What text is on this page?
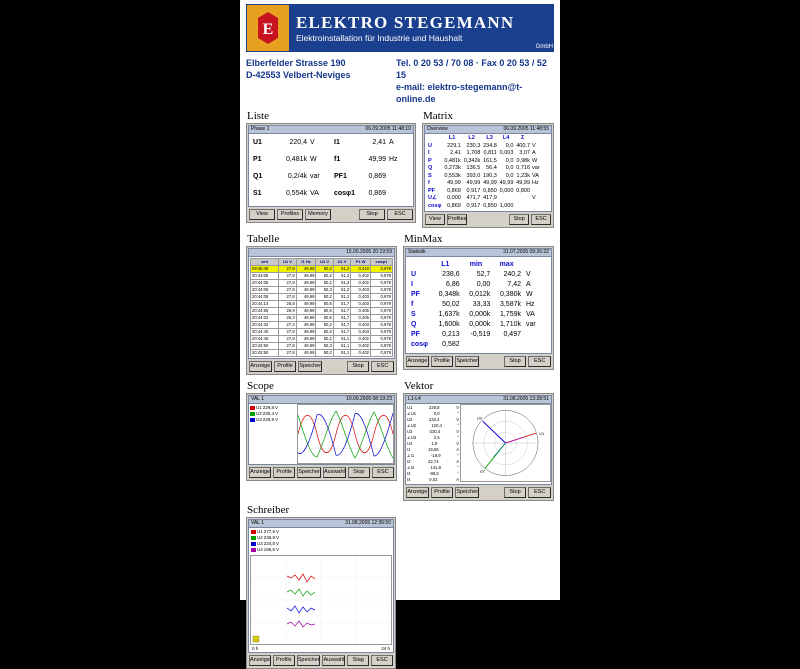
E ELEKTRO STEGEMANN
Elektroinstallation für Industrie und Haushalt
GmbH
Elberfelder Strasse 190
D-42553 Velbert-Neviges
Tel. 0 20 53 / 70 08 · Fax 0 20 53 / 52 15
e-mail: elektro-stegemann@t-online.de
Liste
Phase 1	06.09.2005 11:48:10
U1	220,4 V	I1	2,41 A
P1	0,481k W	f1	49,99 Hz
Q1	0,2/4k var	PF1	0,869
S1	0,554k VA	cosφ1	0,869
View	Profiles	Memory	Stop	ESC
Matrix
Overview	06.09.2005 11:48:55
	L1	L2	L3	L4	Σ	
U	229,1	230,3	234,8	0,0	400,7	V
I	2,41	1,708	0,811	0,003	3,07	A
P	0,481k	0,342k	161,5	0,0	0,98k	W
Q	0,273k	136,5	56,4	0,0	0,716	var
S	0,553k	393,0	190,3	0,0	1,23k	VA
f	49,99	49,99	49,99	49,99	49,99	Hz
PF	0,869	0,917	0,850	0,000	0,800	
U∠	0,000	471,7	417,9			V
cosφ	0,869	0,917	0,850	1,000		
View	Profiles	Stop	ESC
Tabelle
15.09.2005 20:19:59
zeit	U1 V	I1 Hz	U1 V	U1 V	P1 W	cosφ1
09:45:49	27,8	49,99	50,2	51,2	0,410	0,979
20:43:09	27,8	49,99	50,2	51,3	0,402	0,978
20:44:05	27,8	49,99	50,2	51,3	0,402	0,979
20:44:06	27,9	49,99	50,3	51,2	0,403	0,978
20:44:08	27,8	49,99	50,2	51,2	0,403	0,979
20:44:14	26,8	49,99	50,5	51,7	0,403	0,979
20:44:55	26,9	49,99	50,5	51,7	0,405	0,979
20:44:02	26,3	49,99	50,5	51,7	0,405	0,979
20:44:32	27,3	49,99	50,2	51,7	0,403	0,978
20:44:40	27,8	49,99	50,3	51,7	0,403	0,979
20:44:46	27,8	49,99	50,2	51,1	0,402	0,979
20:42:50	27,8	49,99	50,3	51,1	0,402	0,979
20:42:55	27,8	49,99	50,2	51,1	0,402	0,979
Anzeige	Profile	Speicher	Stop	ESC
MinMax
Statistik	31.07.2005 09:26:32
	L1	min	max	
U	238,6	52,7	240,2	V
I	6,86	0,00	7,42	A
PF	0,348k	0,012k	0,380k	W
f	50,02	33,33	3,587k	Hz
S	1,637k	0,000k	1,759k	VA
Q	1,600k	0,000k	1,710k	var
PF	0,213	-0,519	0,497	
cosφ	0,582			
Anzeige	Profile	Speicher	Stop	ESC
Scope
VAL 1	10.09.2005 08:19:23
U1 229,8 V
U2 230,4 V
U3 229,9 V
Anzeige	Profile	Speicher Auswahl	Stop	ESC
Vektor
L1-L4	31.08.2005 13:28:51
U1	229,8	V
∠U1	0,0	°
U2	232,4	V
∠U2	120,4	°
U3	-230,4	V
∠U3	2,5	°
U4	1,9	V
I1	16,56	A
∠I1	-18,9	°
I2	22,74	A
∠I2	141,8	°
I3	-98,6	°
I4	0,02	A
U1
U2
U3
Anzeige	Profile	Speicher	Stop	ESC
Schreiber
VAL 1	31.08.2005 12:36:50
U1 277,6 V
U2 236,8 V
U3 234,8 V
U4 195,6 V
0 h	24 h
Anzeige	Profile	Speicher Auswahl	Stag	ESC
